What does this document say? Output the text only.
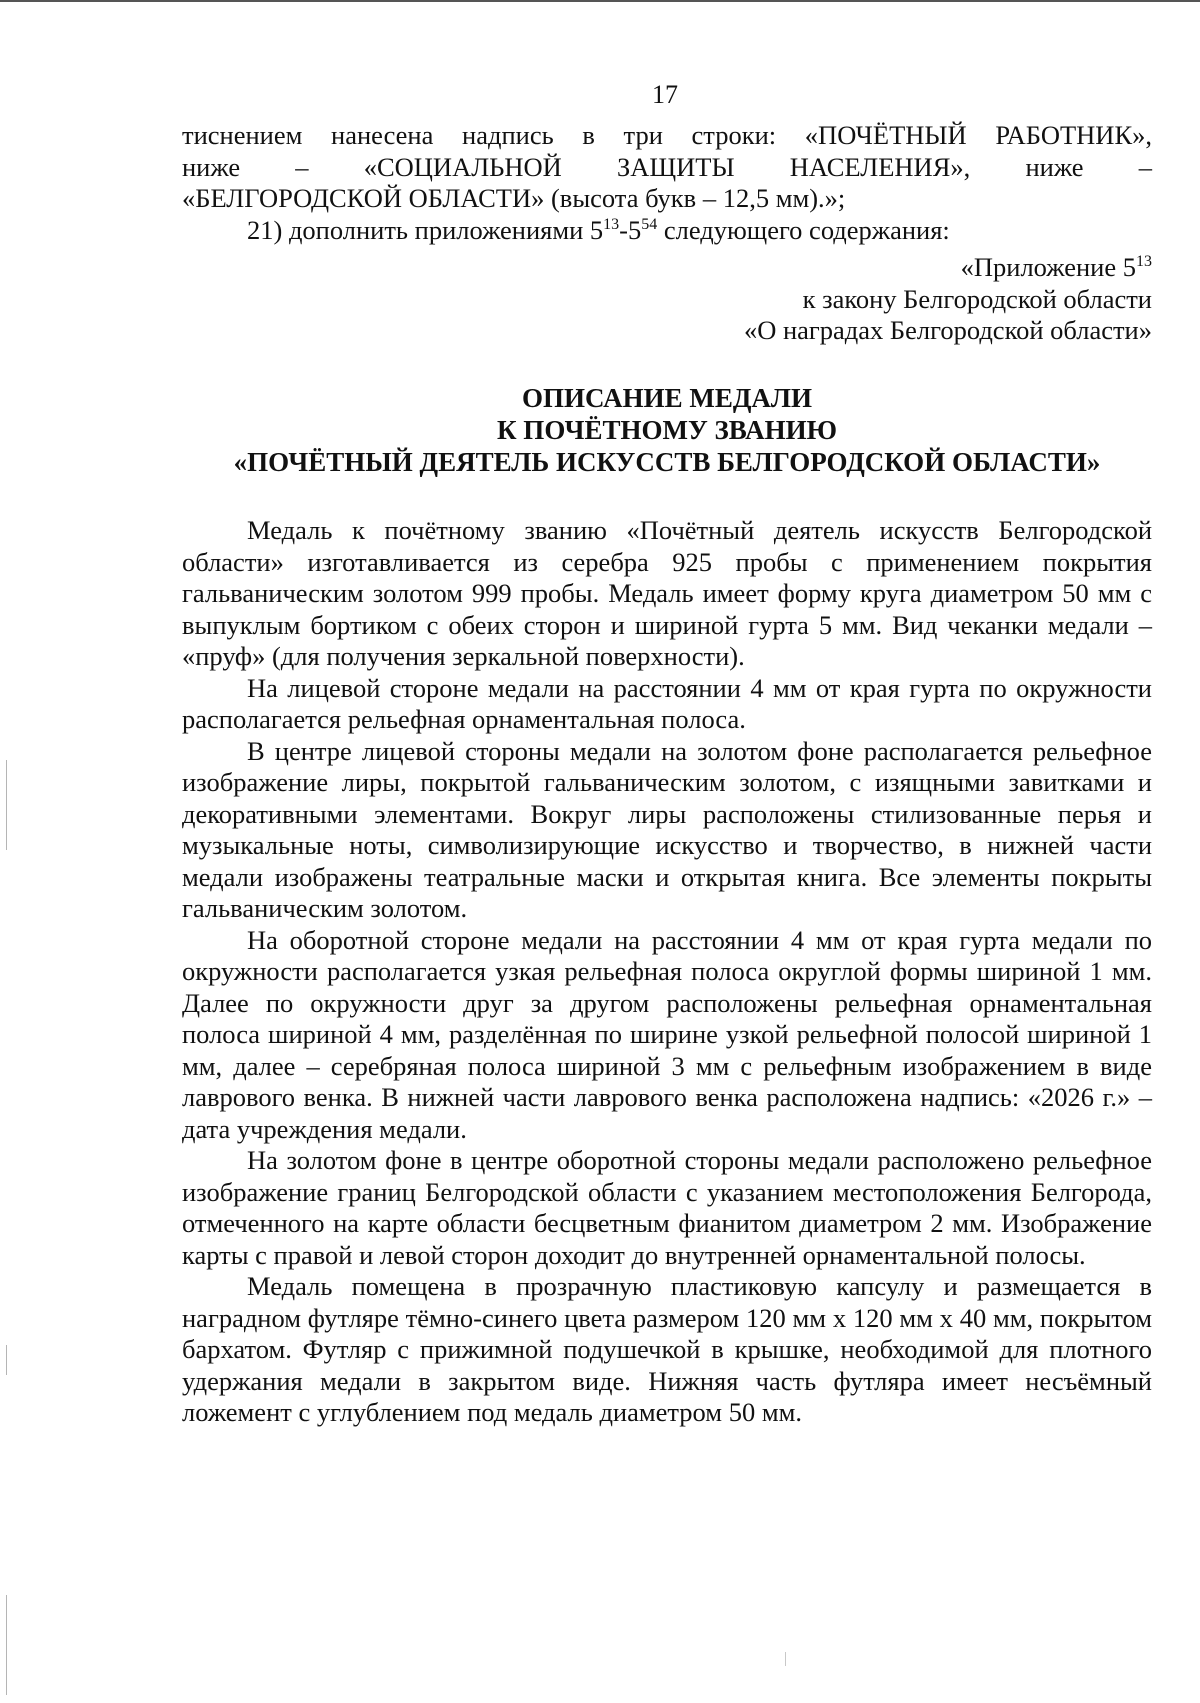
17

тиснением нанесена надпись в три строки: «ПОЧЁТНЫЙ РАБОТНИК»,

ниже – «СОЦИАЛЬНОЙ ЗАЩИТЫ НАСЕЛЕНИЯ», ниже –

«БЕЛГОРОДСКОЙ ОБЛАСТИ» (высота букв – 12,5 мм).»;

21) дополнить приложениями $5^{13}-5^{54}$ следующего содержания:

«Приложение $5^{13}$
к закону Белгородской области
«О наградах Белгородской области»
ОПИСАНИЕ МЕДАЛИ
К ПОЧЁТНОМУ ЗВАНИЮ
«ПОЧЁТНЫЙ ДЕЯТЕЛЬ ИСКУССТВ БЕЛГОРОДСКОЙ ОБЛАСТИ»

Медаль к почётному званию «Почётный деятель искусств Белгородской области» изготавливается из серебра 925 пробы с применением покрытия гальваническим золотом 999 пробы. Медаль имеет форму круга диаметром 50 мм с выпуклым бортиком с обеих сторон и шириной гурта 5 мм. Вид чеканки медали – «пруф» (для получения зеркальной поверхности).

На лицевой стороне медали на расстоянии 4 мм от края гурта по окружности располагается рельефная орнаментальная полоса.

В центре лицевой стороны медали на золотом фоне располагается рельефное изображение лиры, покрытой гальваническим золотом, с изящными завитками и декоративными элементами. Вокруг лиры расположены стилизованные перья и музыкальные ноты, символизирующие искусство и творчество, в нижней части медали изображены театральные маски и открытая книга. Все элементы покрыты гальваническим золотом.

На оборотной стороне медали на расстоянии 4 мм от края гурта медали по окружности располагается узкая рельефная полоса округлой формы шириной 1 мм. Далее по окружности друг за другом расположены рельефная орнаментальная полоса шириной 4 мм, разделённая по ширине узкой рельефной полосой шириной 1 мм, далее – серебряная полоса шириной 3 мм с рельефным изображением в виде лаврового венка. В нижней части лаврового венка расположена надпись: «2026 г.» – дата учреждения медали.

На золотом фоне в центре оборотной стороны медали расположено рельефное изображение границ Белгородской области с указанием местоположения Белгорода, отмеченного на карте области бесцветным фианитом диаметром 2 мм. Изображение карты с правой и левой сторон доходит до внутренней орнаментальной полосы.

Медаль помещена в прозрачную пластиковую капсулу и размещается в наградном футляре тёмно-синего цвета размером 120 мм х 120 мм х 40 мм, покрытом бархатом. Футляр с прижимной подушечкой в крышке, необходимой для плотного удержания медали в закрытом виде. Нижняя часть футляра имеет несъёмный ложемент с углублением под медаль диаметром 50 мм.
